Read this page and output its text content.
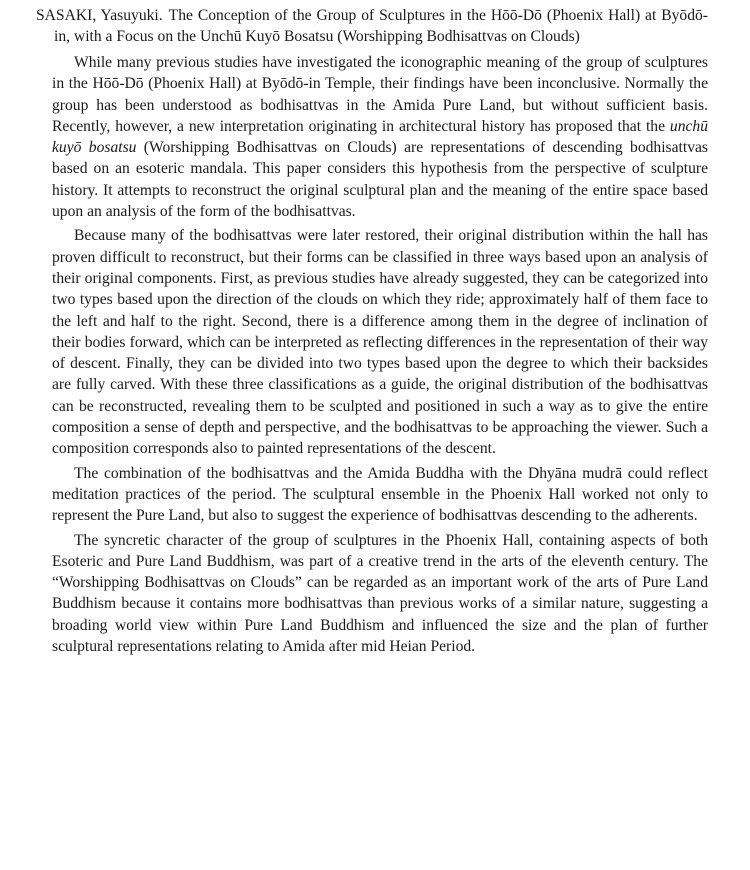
SASAKI, Yasuyuki. The Conception of the Group of Sculptures in the Hōō-Dō (Phoenix Hall) at Byōdō-in, with a Focus on the Unchū Kuyō Bosatsu (Worshipping Bodhisattvas on Clouds)

While many previous studies have investigated the iconographic meaning of the group of sculptures in the Hōō-Dō (Phoenix Hall) at Byōdō-in Temple, their findings have been inconclusive. Normally the group has been understood as bodhisattvas in the Amida Pure Land, but without sufficient basis. Recently, however, a new interpretation originating in architectural history has proposed that the unchū kuyō bosatsu (Worshipping Bodhisattvas on Clouds) are representations of descending bodhisattvas based on an esoteric mandala. This paper considers this hypothesis from the perspective of sculpture history. It attempts to reconstruct the original sculptural plan and the meaning of the entire space based upon an analysis of the form of the bodhisattvas.

Because many of the bodhisattvas were later restored, their original distribution within the hall has proven difficult to reconstruct, but their forms can be classified in three ways based upon an analysis of their original components. First, as previous studies have already suggested, they can be categorized into two types based upon the direction of the clouds on which they ride; approximately half of them face to the left and half to the right. Second, there is a difference among them in the degree of inclination of their bodies forward, which can be interpreted as reflecting differences in the representation of their way of descent. Finally, they can be divided into two types based upon the degree to which their backsides are fully carved. With these three classifications as a guide, the original distribution of the bodhisattvas can be reconstructed, revealing them to be sculpted and positioned in such a way as to give the entire composition a sense of depth and perspective, and the bodhisattvas to be approaching the viewer. Such a composition corresponds also to painted representations of the descent.

The combination of the bodhisattvas and the Amida Buddha with the Dhyāna mudrā could reflect meditation practices of the period. The sculptural ensemble in the Phoenix Hall worked not only to represent the Pure Land, but also to suggest the experience of bodhisattvas descending to the adherents.

The syncretic character of the group of sculptures in the Phoenix Hall, containing aspects of both Esoteric and Pure Land Buddhism, was part of a creative trend in the arts of the eleventh century. The “Worshipping Bodhisattvas on Clouds” can be regarded as an important work of the arts of Pure Land Buddhism because it contains more bodhisattvas than previous works of a similar nature, suggesting a broading world view within Pure Land Buddhism and influenced the size and the plan of further sculptural representations relating to Amida after mid Heian Period.
